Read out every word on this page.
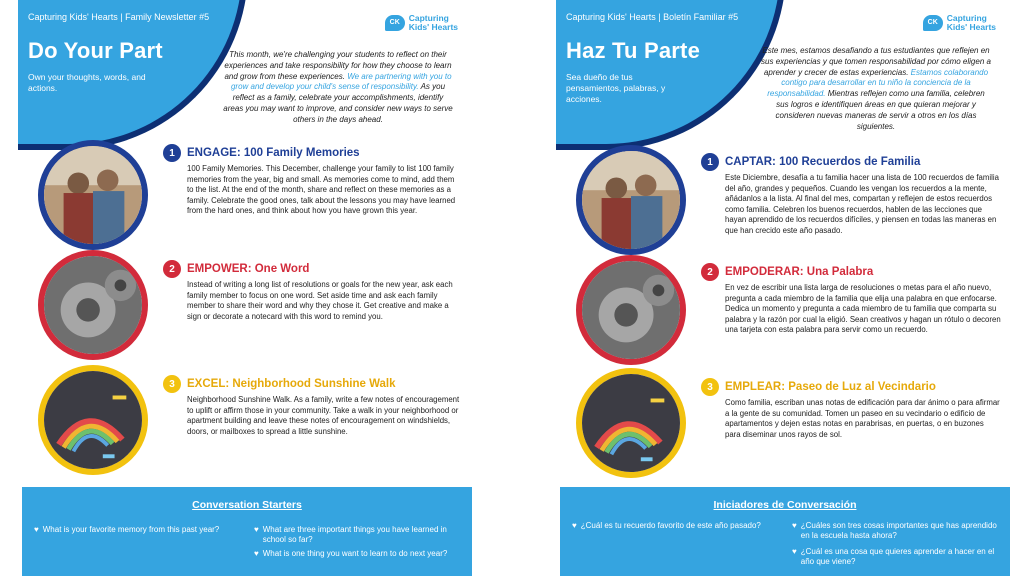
Capturing Kids' Hearts | Family Newsletter #5
Do Your Part
Own your thoughts, words, and actions.
CK	Capturing
Kids' Hearts
This month, we're challenging your students to reflect on their experiences and take responsibility for how they choose to learn and grow from these experiences. We are partnering with you to grow and develop your child's sense of responsibility. As you reflect as a family, celebrate your accomplishments, identify areas you may want to improve, and consider new ways to serve others in the days ahead.
1	ENGAGE: 100 Family Memories
100 Family Memories. This December, challenge your family to list 100 family memories from the year, big and small. As memories come to mind, add them to the list. At the end of the month, share and reflect on these memories as a family. Celebrate the good ones, talk about the lessons you may have learned from the hard ones, and think about how you have grown this year.
2	EMPOWER: One Word
Instead of writing a long list of resolutions or goals for the new year, ask each family member to focus on one word. Set aside time and ask each family member to share their word and why they chose it. Get creative and make a sign or decorate a notecard with this word to remind you.
3	EXCEL: Neighborhood Sunshine Walk
Neighborhood Sunshine Walk. As a family, write a few notes of encouragement to uplift or affirm those in your community. Take a walk in your neighborhood or apartment building and leave these notes of encouragement on windshields, doors, or mailboxes to spread a little sunshine.
Conversation Starters
♥ What is your favorite memory from this past year?	♥ What are three important things you have learned in school so far?
♥ What is one thing you want to learn to do next year?
Capturing Kids' Hearts | Boletín Familiar #5
Haz Tu Parte
Sea dueño de tus pensamientos, palabras, y acciones.
CK	Capturing
Kids' Hearts
Este mes, estamos desafiando a tus estudiantes que reflejen en sus experiencias y que tomen responsabilidad por cómo eligen a aprender y crecer de estas experiencias. Estamos colaborando contigo para desarrollar en tu niño la conciencia de la responsabilidad. Mientras reflejen como una familia, celebren sus logros e identifiquen áreas en que quieran mejorar y consideren nuevas maneras de servir a otros en los días siguientes.
1	CAPTAR: 100 Recuerdos de Familia
Este Diciembre, desafía a tu familia hacer una lista de 100 recuerdos de familia del año, grandes y pequeños. Cuando les vengan los recuerdos a la mente, añádanlos a la lista. Al final del mes, compartan y reflejen de estos recuerdos como familia. Celebren los buenos recuerdos, hablen de las lecciones que hayan aprendido de los recuerdos difíciles, y piensen en todas las maneras en que han crecido este año pasado.
2	EMPODERAR: Una Palabra
En vez de escribir una lista larga de resoluciones o metas para el año nuevo, pregunta a cada miembro de la familia que elija una palabra en que enfocarse. Dedica un momento y pregunta a cada miembro de tu familia que comparta su palabra y la razón por cual la eligió. Sean creativos y hagan un rótulo o decoren una tarjeta con esta palabra para servir como un recuerdo.
3	EMPLEAR: Paseo de Luz al Vecindario
Como familia, escriban unas notas de edificación para dar ánimo o para afirmar a la gente de su comunidad. Tomen un paseo en su vecindario o edificio de apartamentos y dejen estas notas en parabrisas, en puertas, o en buzones para diseminar unos rayos de sol.
Iniciadores de Conversación
♥ ¿Cuál es tu recuerdo favorito de este año pasado?	♥ ¿Cuáles son tres cosas importantes que has aprendido en la escuela hasta ahora?
♥ ¿Cuál es una cosa que quieres aprender a hacer en el año que viene?
